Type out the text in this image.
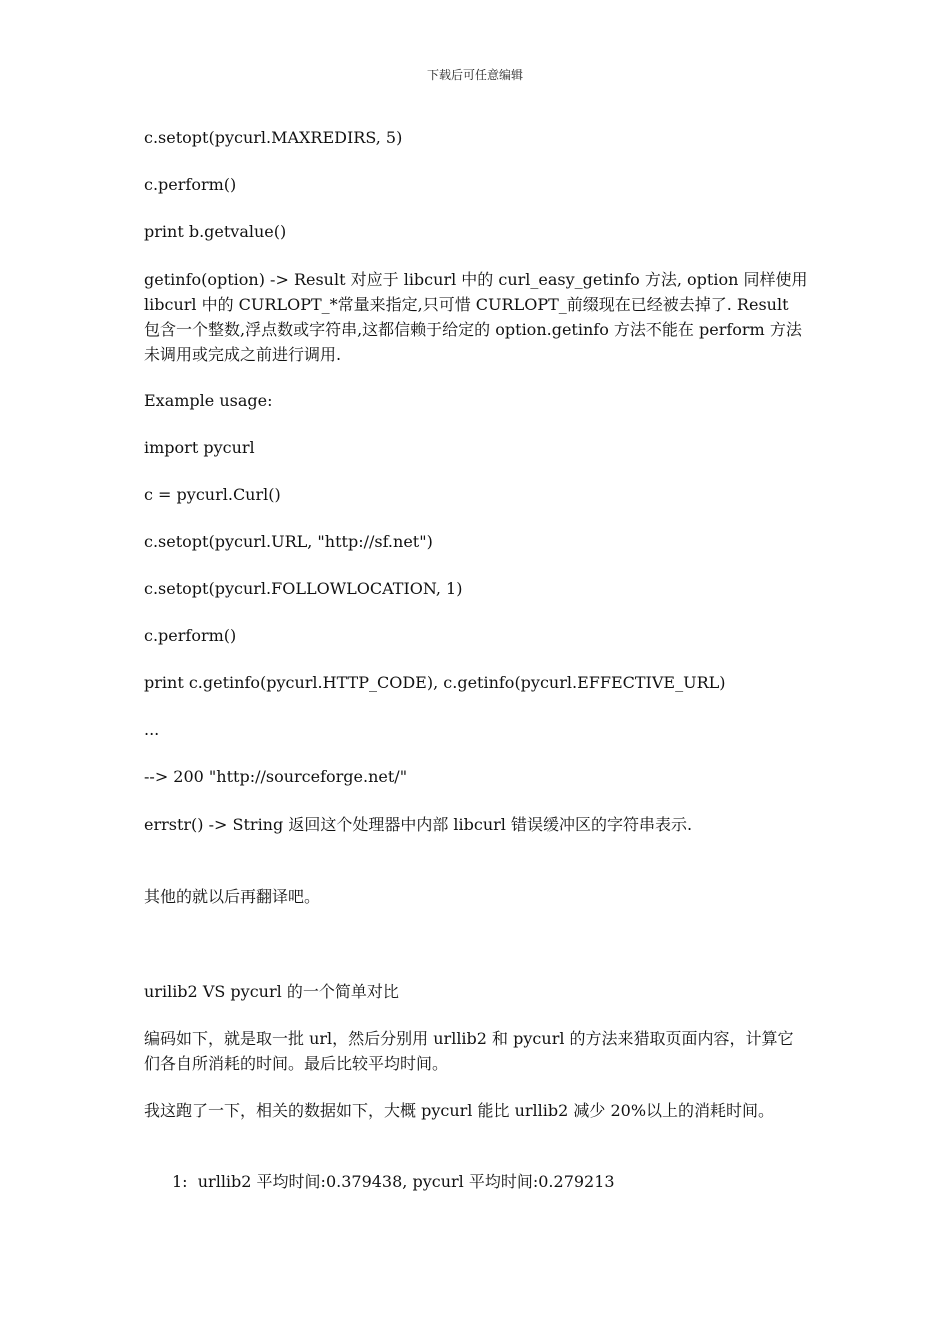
下载后可任意编辑
c.setopt(pycurl.MAXREDIRS, 5)
c.perform()
print b.getvalue()
getinfo(option) -> Result 对应于 libcurl 中的 curl_easy_getinfo 方法, option 同样使用 libcurl 中的 CURLOPT_*常量来指定,只可惜 CURLOPT_前缀现在已经被去掉了. Result 包含一个整数,浮点数或字符串,这都信赖于给定的 option.getinfo 方法不能在 perform 方法未调用或完成之前进行调用.
Example usage:
import pycurl
c = pycurl.Curl()
c.setopt(pycurl.URL, "http://sf.net")
c.setopt(pycurl.FOLLOWLOCATION, 1)
c.perform()
print c.getinfo(pycurl.HTTP_CODE), c.getinfo(pycurl.EFFECTIVE_URL)
...
--> 200 "http://sourceforge.net/"
errstr() -> String 返回这个处理器中内部 libcurl 错误缓冲区的字符串表示.
其他的就以后再翻译吧。
urilib2 VS pycurl 的一个简单对比
编码如下，就是取一批 url，然后分别用 urllib2 和 pycurl 的方法来猎取页面内容，计算它们各自所消耗的时间。最后比较平均时间。
我这跑了一下，相关的数据如下，大概 pycurl 能比 urllib2 减少 20%以上的消耗时间。
1:  urllib2 平均时间:0.379438, pycurl 平均时间:0.279213
